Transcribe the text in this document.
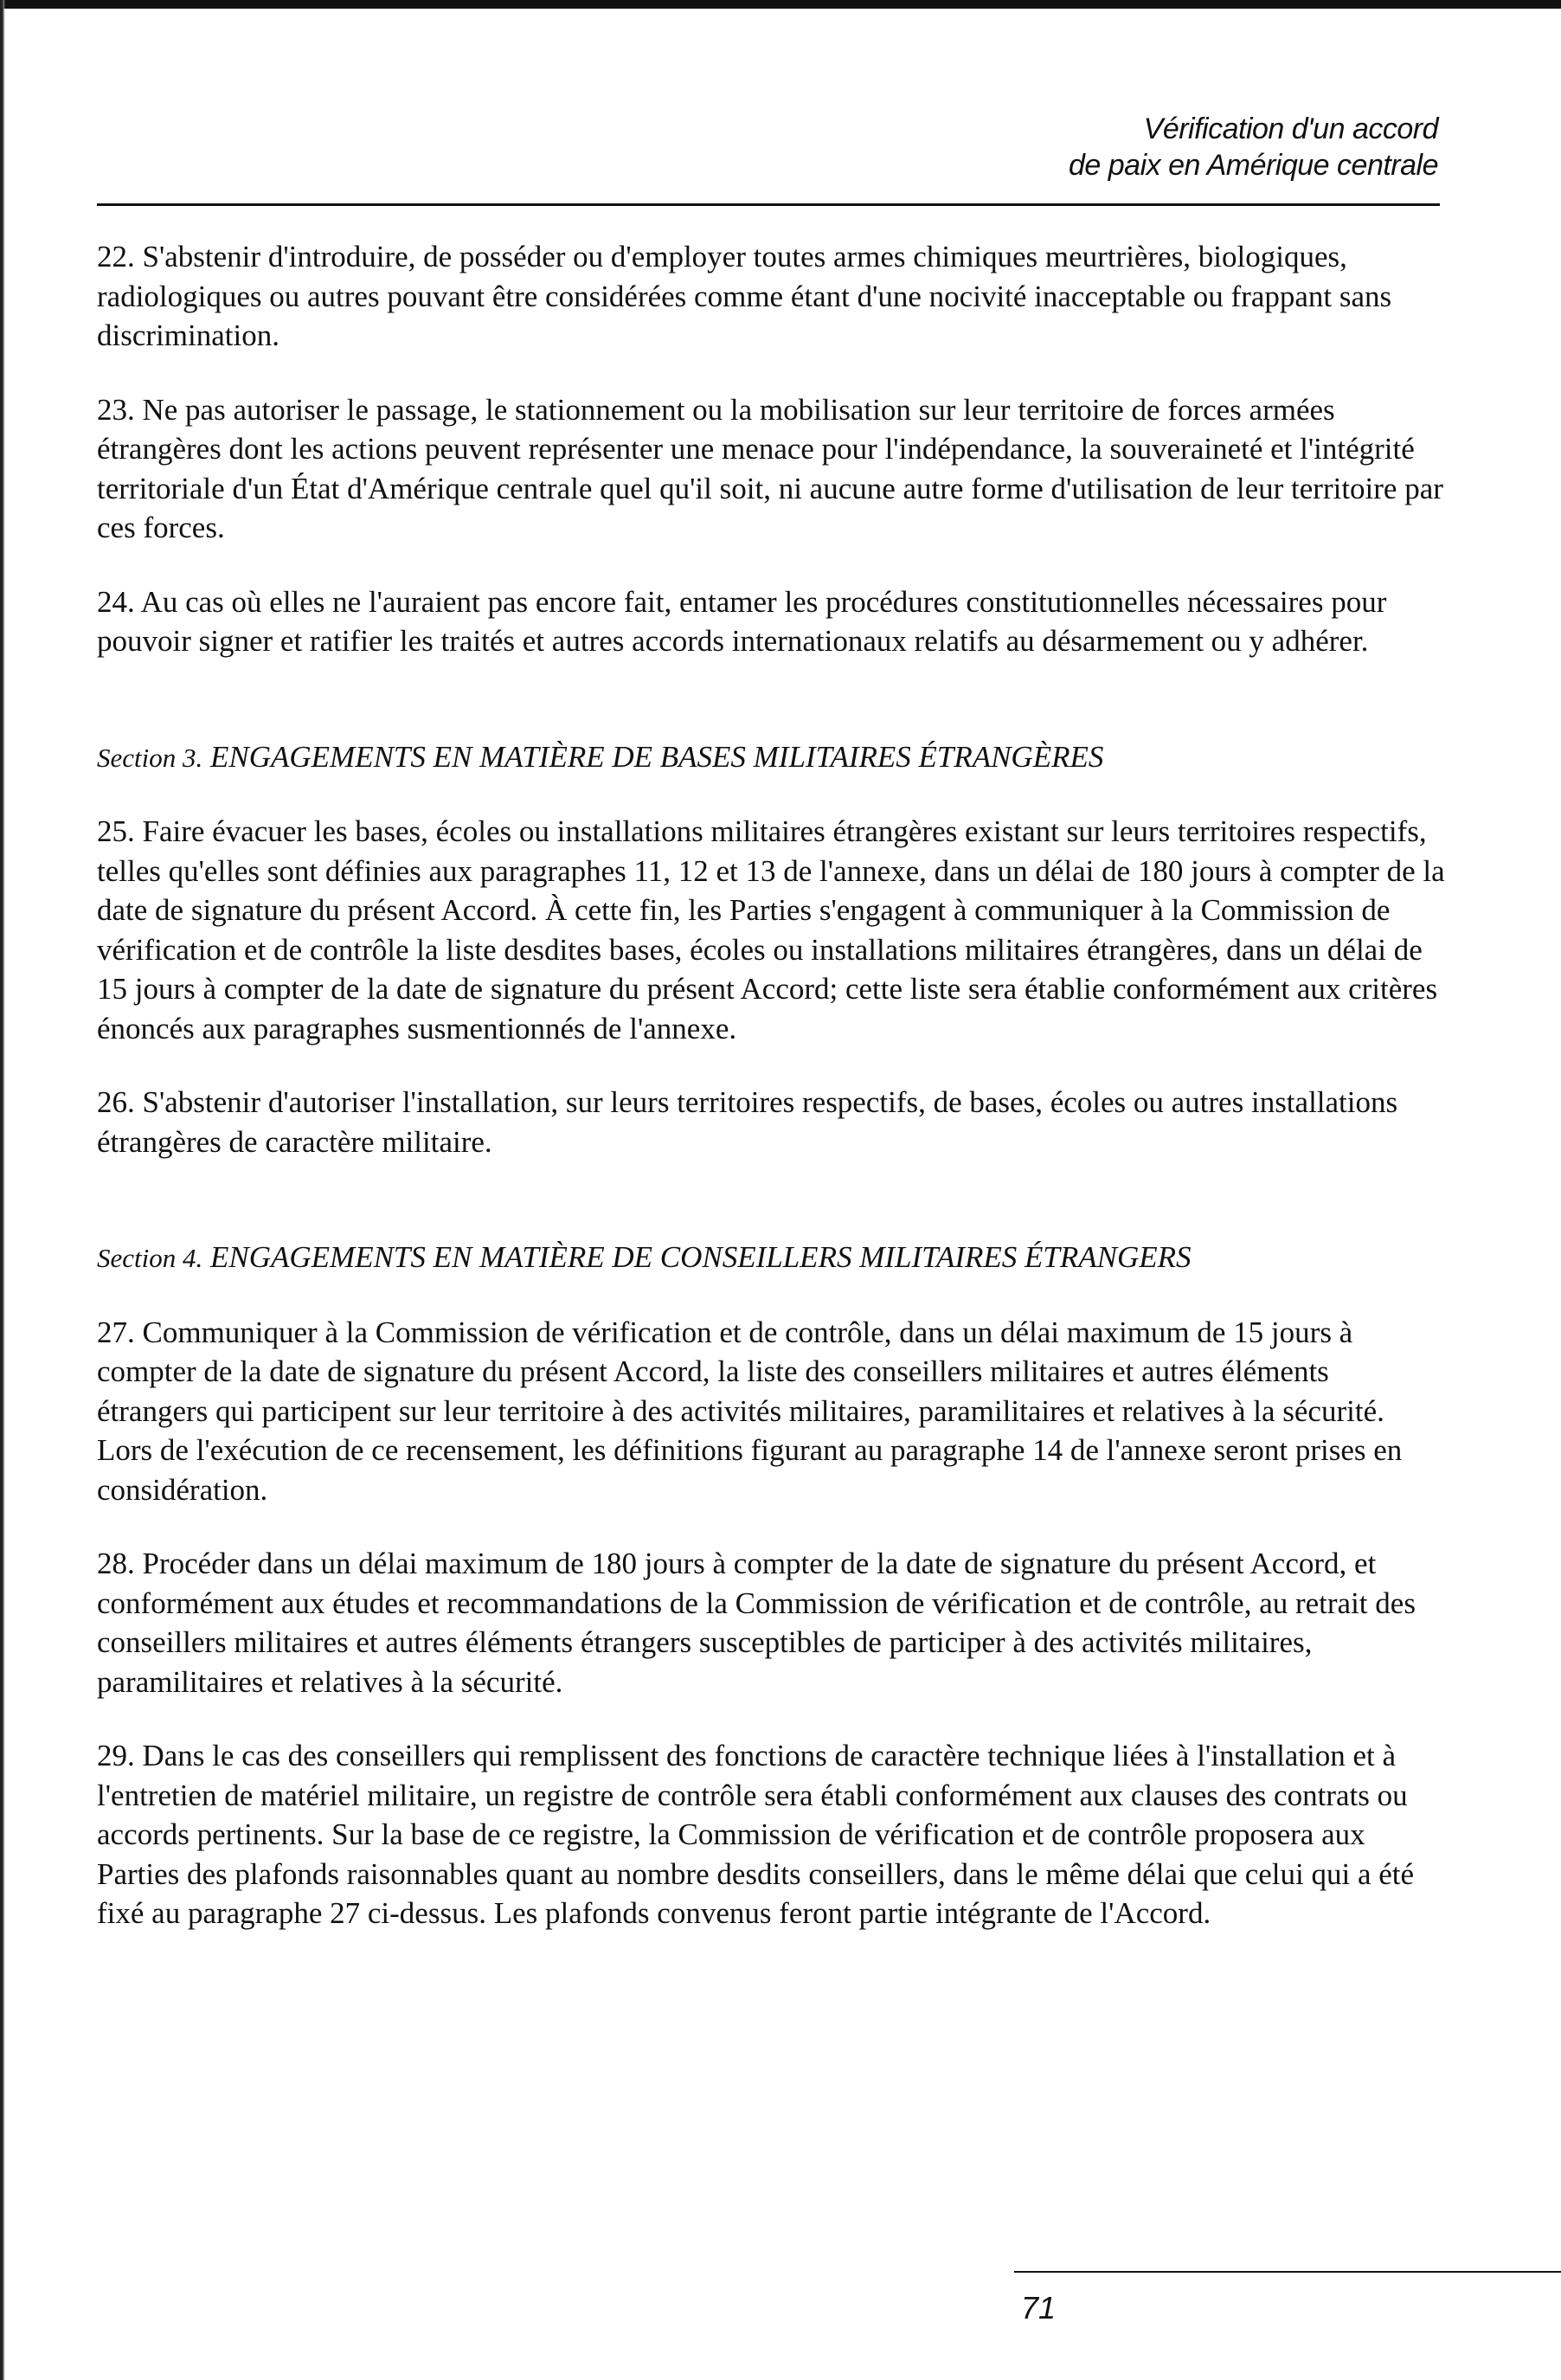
Vérification d'un accord
de paix en Amérique centrale

22. S'abstenir d'introduire, de posséder ou d'employer toutes armes chimiques meurtrières, biologiques, radiologiques ou autres pouvant être considérées comme étant d'une nocivité inacceptable ou frappant sans discrimination.

23. Ne pas autoriser le passage, le stationnement ou la mobilisation sur leur territoire de forces armées étrangères dont les actions peuvent représenter une menace pour l'indépendance, la souveraineté et l'intégrité territoriale d'un État d'Amérique centrale quel qu'il soit, ni aucune autre forme d'utilisation de leur territoire par ces forces.

24. Au cas où elles ne l'auraient pas encore fait, entamer les procédures constitutionnelles nécessaires pour pouvoir signer et ratifier les traités et autres accords internationaux relatifs au désarmement ou y adhérer.

Section 3. ENGAGEMENTS EN MATIÈRE DE BASES MILITAIRES ÉTRANGÈRES

25. Faire évacuer les bases, écoles ou installations militaires étrangères existant sur leurs territoires respectifs, telles qu'elles sont définies aux paragraphes 11, 12 et 13 de l'annexe, dans un délai de 180 jours à compter de la date de signature du présent Accord. À cette fin, les Parties s'engagent à communiquer à la Commission de vérification et de contrôle la liste desdites bases, écoles ou installations militaires étrangères, dans un délai de 15 jours à compter de la date de signature du présent Accord; cette liste sera établie conformément aux critères énoncés aux paragraphes susmentionnés de l'annexe.

26. S'abstenir d'autoriser l'installation, sur leurs territoires respectifs, de bases, écoles ou autres installations étrangères de caractère militaire.

Section 4. ENGAGEMENTS EN MATIÈRE DE CONSEILLERS MILITAIRES ÉTRANGERS

27. Communiquer à la Commission de vérification et de contrôle, dans un délai maximum de 15 jours à compter de la date de signature du présent Accord, la liste des conseillers militaires et autres éléments étrangers qui participent sur leur territoire à des activités militaires, paramilitaires et relatives à la sécurité. Lors de l'exécution de ce recensement, les définitions figurant au paragraphe 14 de l'annexe seront prises en considération.

28. Procéder dans un délai maximum de 180 jours à compter de la date de signature du présent Accord, et conformément aux études et recommandations de la Commission de vérification et de contrôle, au retrait des conseillers militaires et autres éléments étrangers susceptibles de participer à des activités militaires, paramilitaires et relatives à la sécurité.

29. Dans le cas des conseillers qui remplissent des fonctions de caractère technique liées à l'installation et à l'entretien de matériel militaire, un registre de contrôle sera établi conformément aux clauses des contrats ou accords pertinents. Sur la base de ce registre, la Commission de vérification et de contrôle proposera aux Parties des plafonds raisonnables quant au nombre desdits conseillers, dans le même délai que celui qui a été fixé au paragraphe 27 ci-dessus. Les plafonds convenus feront partie intégrante de l'Accord.

71
